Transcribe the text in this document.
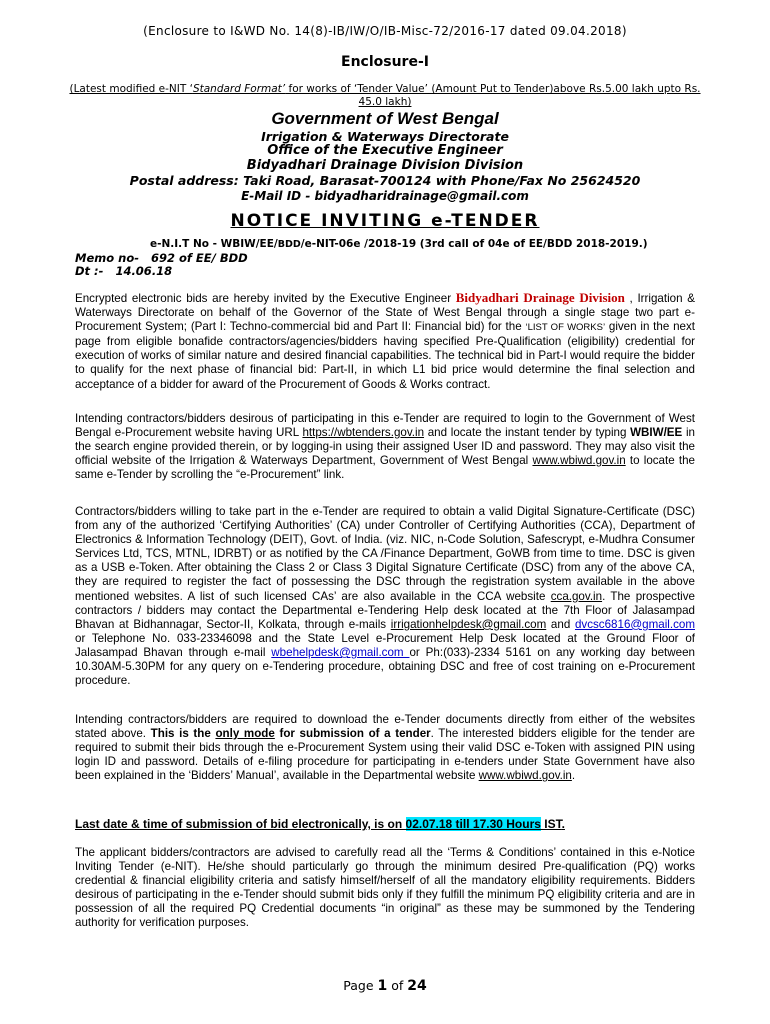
(Enclosure to I&WD No. 14(8)-IB/IW/O/IB-Misc-72/2016-17 dated 09.04.2018)
Enclosure-I
(Latest modified e-NIT ‘Standard Format’ for works of ‘Tender Value’ (Amount Put to Tender)above Rs.5.00 lakh upto Rs. 45.0 lakh)
Government of West Bengal
Irrigation & Waterways Directorate
Office of the Executive Engineer
Bidyadhari Drainage Division Division
Postal address: Taki Road, Barasat-700124 with Phone/Fax No 25624520
E-Mail ID - bidyadharidrainage@gmail.com
NOTICE INVITING e-TENDER
e-N.I.T No - WBIW/EE/BDD/e-NIT-06e /2018-19 (3rd call of 04e of EE/BDD 2018-2019.)
Memo no- 692 of EE/ BDD
Dt :- 14.06.18
Encrypted electronic bids are hereby invited by the Executive Engineer Bidyadhari Drainage Division , Irrigation & Waterways Directorate on behalf of the Governor of the State of West Bengal through a single stage two part e-Procurement System; (Part I: Techno-commercial bid and Part II: Financial bid) for the ‘LIST OF WORKS’ given in the next page from eligible bonafide contractors/agencies/bidders having specified Pre-Qualification (eligibility) credential for execution of works of similar nature and desired financial capabilities. The technical bid in Part-I would require the bidder to qualify for the next phase of financial bid: Part-II, in which L1 bid price would determine the final selection and acceptance of a bidder for award of the Procurement of Goods & Works contract.
Intending contractors/bidders desirous of participating in this e-Tender are required to login to the Government of West Bengal e-Procurement website having URL https://wbtenders.gov.in and locate the instant tender by typing WBIW/EE in the search engine provided therein, or by logging-in using their assigned User ID and password. They may also visit the official website of the Irrigation & Waterways Department, Government of West Bengal www.wbiwd.gov.in to locate the same e-Tender by scrolling the “e-Procurement” link.
Contractors/bidders willing to take part in the e-Tender are required to obtain a valid Digital Signature-Certificate (DSC) from any of the authorized ‘Certifying Authorities’ (CA) under Controller of Certifying Authorities (CCA), Department of Electronics & Information Technology (DEIT), Govt. of India. (viz. NIC, n-Code Solution, Safescrypt, e-Mudhra Consumer Services Ltd, TCS, MTNL, IDRBT) or as notified by the CA /Finance Department, GoWB from time to time. DSC is given as a USB e-Token. After obtaining the Class 2 or Class 3 Digital Signature Certificate (DSC) from any of the above CA, they are required to register the fact of possessing the DSC through the registration system available in the above mentioned websites. A list of such licensed CAs’ are also available in the CCA website cca.gov.in. The prospective contractors / bidders may contact the Departmental e-Tendering Help desk located at the 7th Floor of Jalasampad Bhavan at Bidhannagar, Sector-II, Kolkata, through e-mails irrigationhelpdesk@gmail.com and dvcsc6816@gmail.com or Telephone No. 033-23346098 and the State Level e-Procurement Help Desk located at the Ground Floor of Jalasampad Bhavan through e-mail wbehelpdesk@gmail.com or Ph:(033)-2334 5161 on any working day between 10.30AM-5.30PM for any query on e-Tendering procedure, obtaining DSC and free of cost training on e-Procurement procedure.
Intending contractors/bidders are required to download the e-Tender documents directly from either of the websites stated above. This is the only mode for submission of a tender. The interested bidders eligible for the tender are required to submit their bids through the e-Procurement System using their valid DSC e-Token with assigned PIN using login ID and password. Details of e-filing procedure for participating in e-tenders under State Government have also been explained in the ‘Bidders’ Manual’, available in the Departmental website www.wbiwd.gov.in.
Last date & time of submission of bid electronically, is on 02.07.18 till 17.30 Hours IST.
The applicant bidders/contractors are advised to carefully read all the ‘Terms & Conditions’ contained in this e-Notice Inviting Tender (e-NIT). He/she should particularly go through the minimum desired Pre-qualification (PQ) works credential & financial eligibility criteria and satisfy himself/herself of all the mandatory eligibility requirements. Bidders desirous of participating in the e-Tender should submit bids only if they fulfill the minimum PQ eligibility criteria and are in possession of all the required PQ Credential documents “in original” as these may be summoned by the Tendering authority for verification purposes.
Page 1 of 24
